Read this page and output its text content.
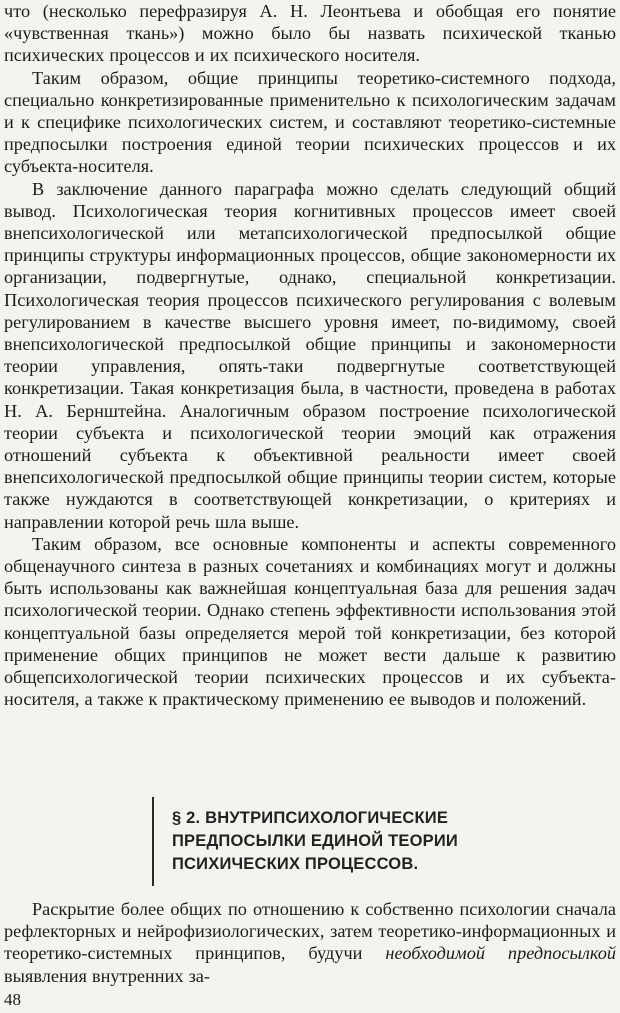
что (несколько перефразируя А. Н. Леонтьева и обобщая его понятие «чувственная ткань») можно было бы назвать психической тканью психических процессов и их психического носителя.

Таким образом, общие принципы теоретико-системного подхода, специально конкретизированные применительно к психологическим задачам и к специфике психологических систем, и составляют теоретико-системные предпосылки построения единой теории психических процессов и их субъекта-носителя.

В заключение данного параграфа можно сделать следующий общий вывод. Психологическая теория когнитивных процессов имеет своей внепсихологической или метапсихологической предпосылкой общие принципы структуры информационных процессов, общие закономерности их организации, подвергнутые, однако, специальной конкретизации. Психологическая теория процессов психического регулирования с волевым регулированием в качестве высшего уровня имеет, по-видимому, своей внепсихологической предпосылкой общие принципы и закономерности теории управления, опять-таки подвергнутые соответствующей конкретизации. Такая конкретизация была, в частности, проведена в работах Н. А. Бернштейна. Аналогичным образом построение психологической теории субъекта и психологической теории эмоций как отражения отношений субъекта к объективной реальности имеет своей внепсихологической предпосылкой общие принципы теории систем, которые также нуждаются в соответствующей конкретизации, о критериях и направлении которой речь шла выше.

Таким образом, все основные компоненты и аспекты современного общенаучного синтеза в разных сочетаниях и комбинациях могут и должны быть использованы как важнейшая концептуальная база для решения задач психологической теории. Однако степень эффективности использования этой концептуальной базы определяется мерой той конкретизации, без которой применение общих принципов не может вести дальше к развитию общепсихологической теории психических процессов и их субъекта-носителя, а также к практическому применению ее выводов и положений.

§ 2. ВНУТРИПСИХОЛОГИЧЕСКИЕ
ПРЕДПОСЫЛКИ ЕДИНОЙ ТЕОРИИ
ПСИХИЧЕСКИХ ПРОЦЕССОВ.

Раскрытие более общих по отношению к собственно психологии сначала рефлекторных и нейрофизиологических, затем теоретико-информационных и теоретико-системных принципов, будучи необходимой предпосылкой выявления внутренних за-

48
